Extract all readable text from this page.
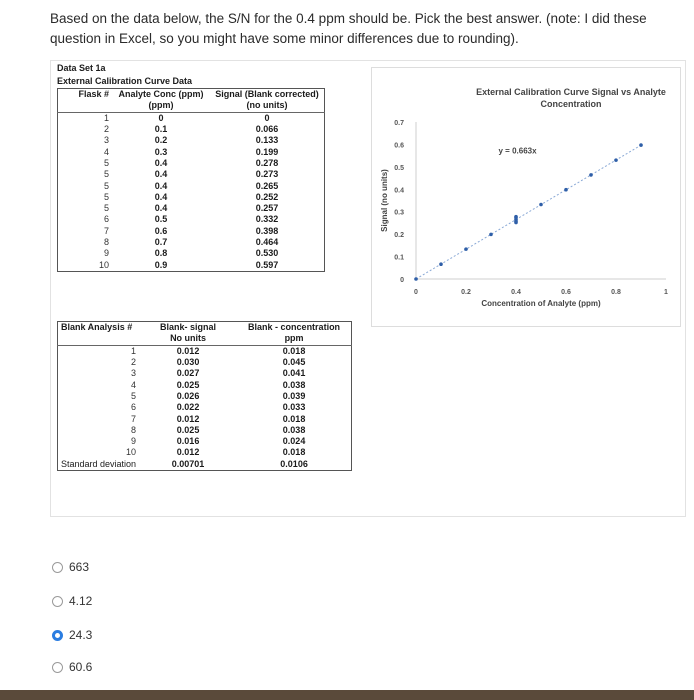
Based on the data below, the S/N for the 0.4 ppm should be. Pick the best answer. (note: I did these question in Excel, so you might have some minor differences due to rounding).
Data Set 1a
External Calibration Curve Data
Flask #	Analyte Conc (ppm)	Signal (Blank corrected)
	(ppm)	(no units)
1	0	0
2	0.1	0.066
3	0.2	0.133
4	0.3	0.199
5	0.4	0.278
5	0.4	0.273
5	0.4	0.265
5	0.4	0.252
5	0.4	0.257
6	0.5	0.332
7	0.6	0.398
8	0.7	0.464
9	0.8	0.530
10	0.9	0.597
Blank Analysis #	Blank- signal	Blank - concentration
	No units	ppm
1	0.012	0.018
2	0.030	0.045
3	0.027	0.041
4	0.025	0.038
5	0.026	0.039
6	0.022	0.033
7	0.012	0.018
8	0.025	0.038
9	0.016	0.024
10	0.012	0.018
Standard deviation	0.00701	0.0106
External Calibration Curve Signal vs Analyte
Concentration
0
0.1
0.2
0.3
0.4
0.5
0.6
0.7
0	0.2	0.4	0.6	0.8	1
Concentration of Analyte (ppm)
Signal (no units)
y = 0.663x
663
4.12
24.3
60.6
